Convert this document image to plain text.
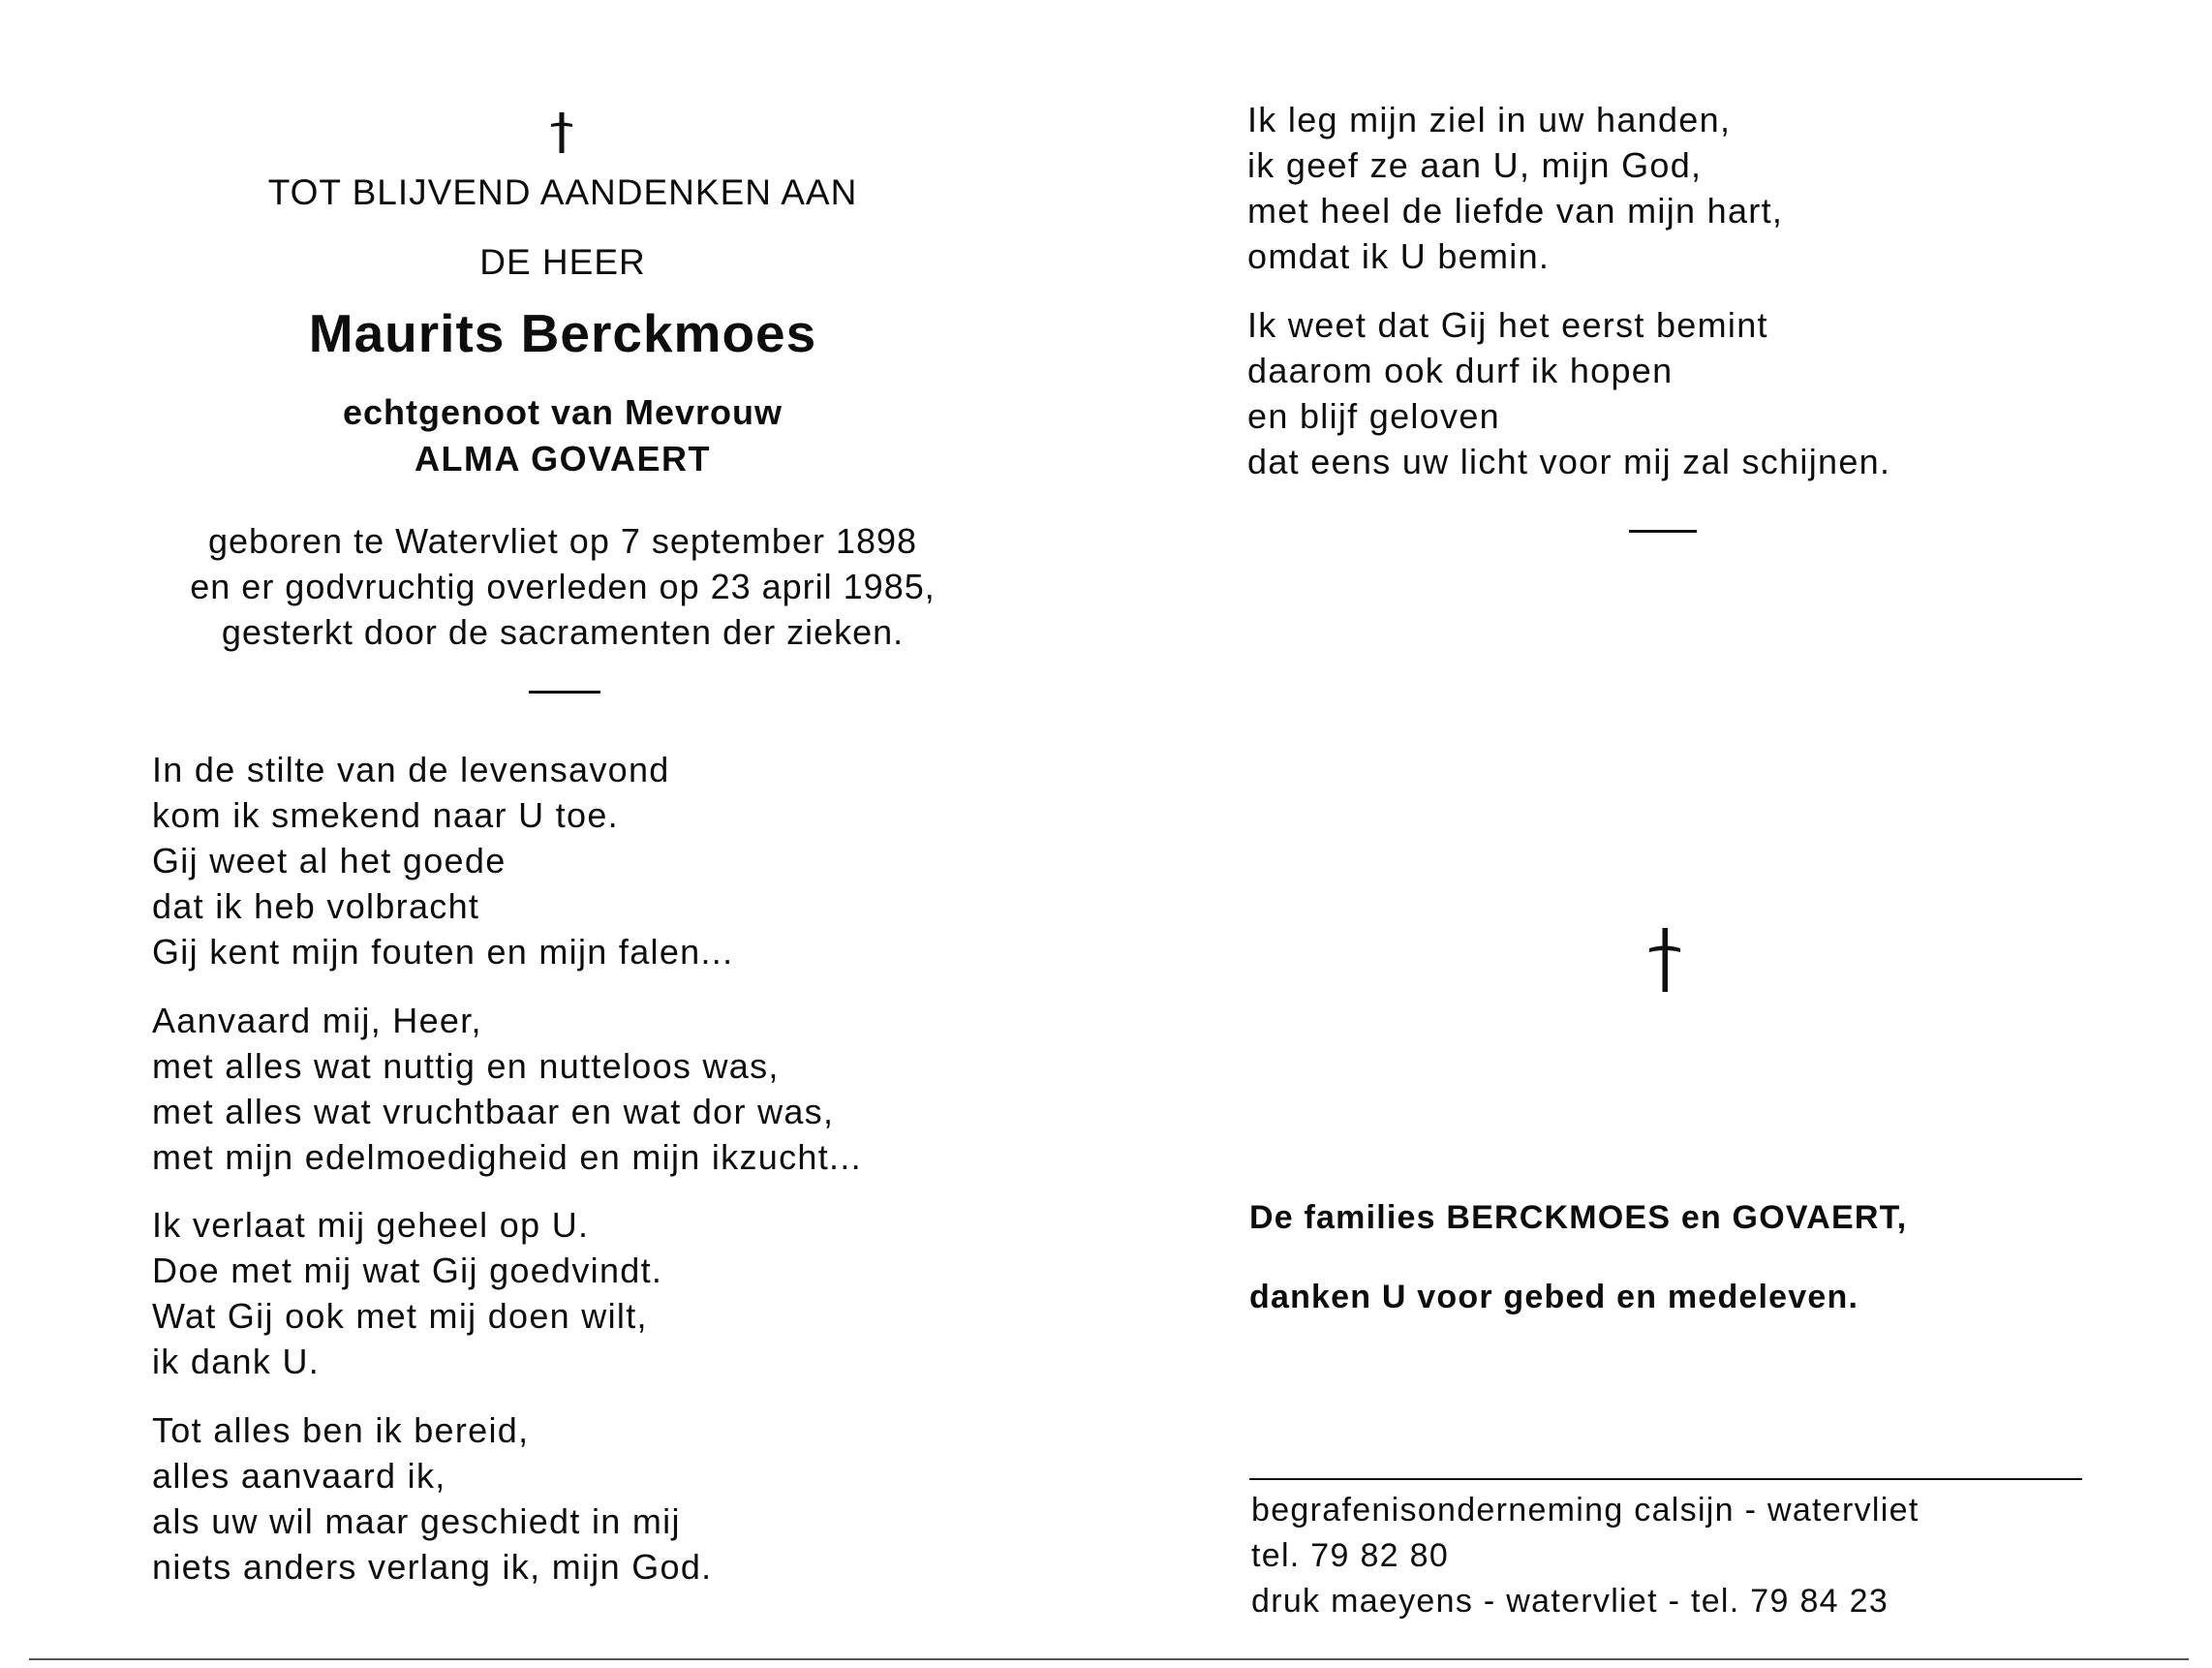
TOT BLIJVEND AANDENKEN AAN
DE HEER
Maurits Berckmoes
echtgenoot van Mevrouw
ALMA GOVAERT
geboren te Watervliet op 7 september 1898
en er godvruchtig overleden op 23 april 1985,
gesterkt door de sacramenten der zieken.
In de stilte van de levensavond
kom ik smekend naar U toe.
Gij weet al het goede
dat ik heb volbracht
Gij kent mijn fouten en mijn falen...
Aanvaard mij, Heer,
met alles wat nuttig en nutteloos was,
met alles wat vruchtbaar en wat dor was,
met mijn edelmoedigheid en mijn ikzucht...
Ik verlaat mij geheel op U.
Doe met mij wat Gij goedvindt.
Wat Gij ook met mij doen wilt,
ik dank U.
Tot alles ben ik bereid,
alles aanvaard ik,
als uw wil maar geschiedt in mij
niets anders verlang ik, mijn God.
Ik leg mijn ziel in uw handen,
ik geef ze aan U, mijn God,
met heel de liefde van mijn hart,
omdat ik U bemin.
Ik weet dat Gij het eerst bemint
daarom ook durf ik hopen
en blijf geloven
dat eens uw licht voor mij zal schijnen.
De families BERCKMOES en GOVAERT,
danken U voor gebed en medeleven.
begrafenisonderneming calsijn - watervliet
tel. 79 82 80
druk maeyens - watervliet - tel. 79 84 23
